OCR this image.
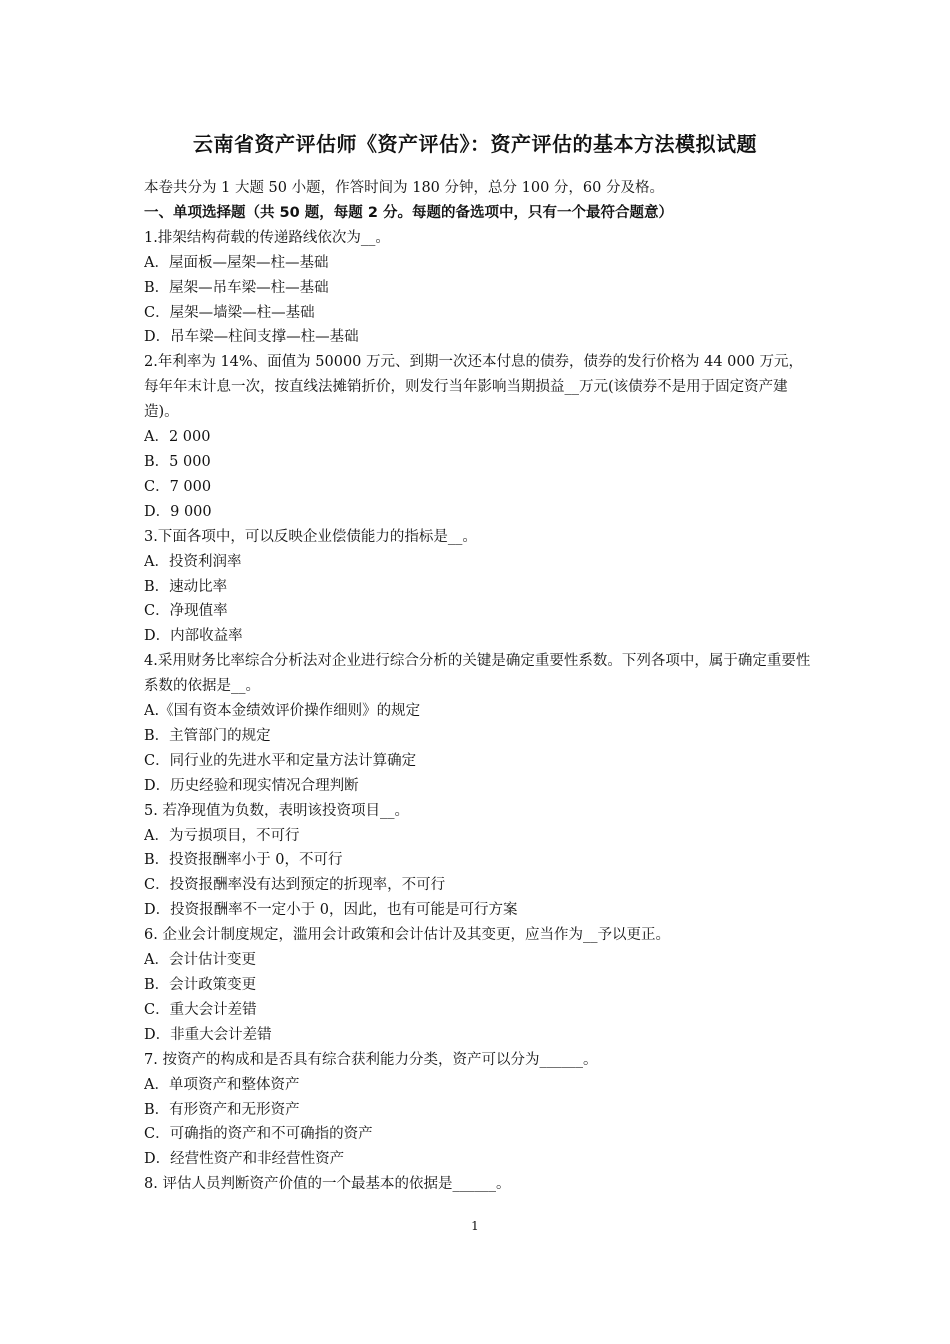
云南省资产评估师《资产评估》：资产评估的基本方法模拟试题
本卷共分为 1 大题 50 小题，作答时间为 180 分钟，总分 100 分，60 分及格。
一、单项选择题（共 50 题，每题 2 分。每题的备选项中，只有一个最符合题意）
1.排架结构荷载的传递路线依次为__。
A．屋面板—屋架—柱—基础
B．屋架—吊车梁—柱—基础
C．屋架—墙梁—柱—基础
D．吊车梁—柱间支撑—柱—基础
2.年利率为 14%、面值为 50000 万元、到期一次还本付息的债券，债券的发行价格为 44 000 万元，每年年末计息一次，按直线法摊销折价，则发行当年影响当期损益__万元(该债券不是用于固定资产建造)。
A．2 000
B．5 000
C．7 000
D．9 000
3.下面各项中，可以反映企业偿债能力的指标是__。
A．投资利润率
B．速动比率
C．净现值率
D．内部收益率
4.采用财务比率综合分析法对企业进行综合分析的关键是确定重要性系数。下列各项中，属于确定重要性系数的依据是__。
A.《国有资本金绩效评价操作细则》的规定
B．主管部门的规定
C．同行业的先进水平和定量方法计算确定
D．历史经验和现实情况合理判断
5. 若净现值为负数，表明该投资项目__。
A．为亏损项目，不可行
B．投资报酬率小于 0，不可行
C．投资报酬率没有达到预定的折现率，不可行
D．投资报酬率不一定小于 0，因此，也有可能是可行方案
6. 企业会计制度规定，滥用会计政策和会计估计及其变更，应当作为__予以更正。
A．会计估计变更
B．会计政策变更
C．重大会计差错
D．非重大会计差错
7. 按资产的构成和是否具有综合获利能力分类，资产可以分为______。
A．单项资产和整体资产
B．有形资产和无形资产
C．可确指的资产和不可确指的资产
D．经营性资产和非经营性资产
8. 评估人员判断资产价值的一个最基本的依据是______。
1
